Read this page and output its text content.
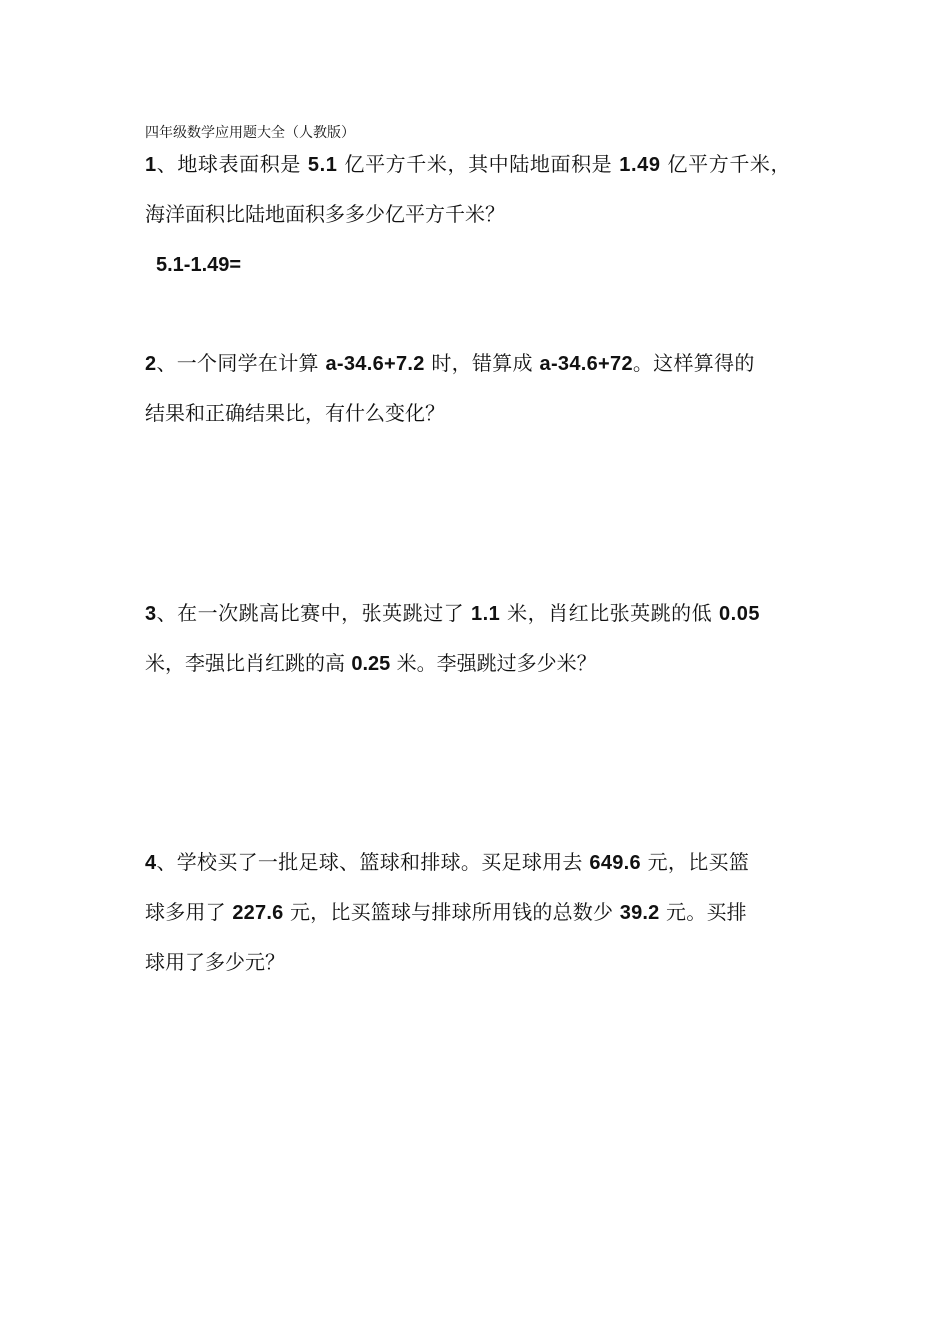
四年级数学应用题大全（人教版）
1、地球表面积是 5.1 亿平方千米，其中陆地面积是 1.49 亿平方千米，
海洋面积比陆地面积多多少亿平方千米？
5.1-1.49=
2、一个同学在计算 a-34.6+7.2 时，错算成 a-34.6+72。这样算得的
结果和正确结果比，有什么变化？
3、在一次跳高比赛中，张英跳过了 1.1 米，肖红比张英跳的低 0.05
米，李强比肖红跳的高 0.25 米。李强跳过多少米？
4、学校买了一批足球、篮球和排球。买足球用去 649.6 元，比买篮
球多用了 227.6 元，比买篮球与排球所用钱的总数少 39.2 元。买排
球用了多少元？
